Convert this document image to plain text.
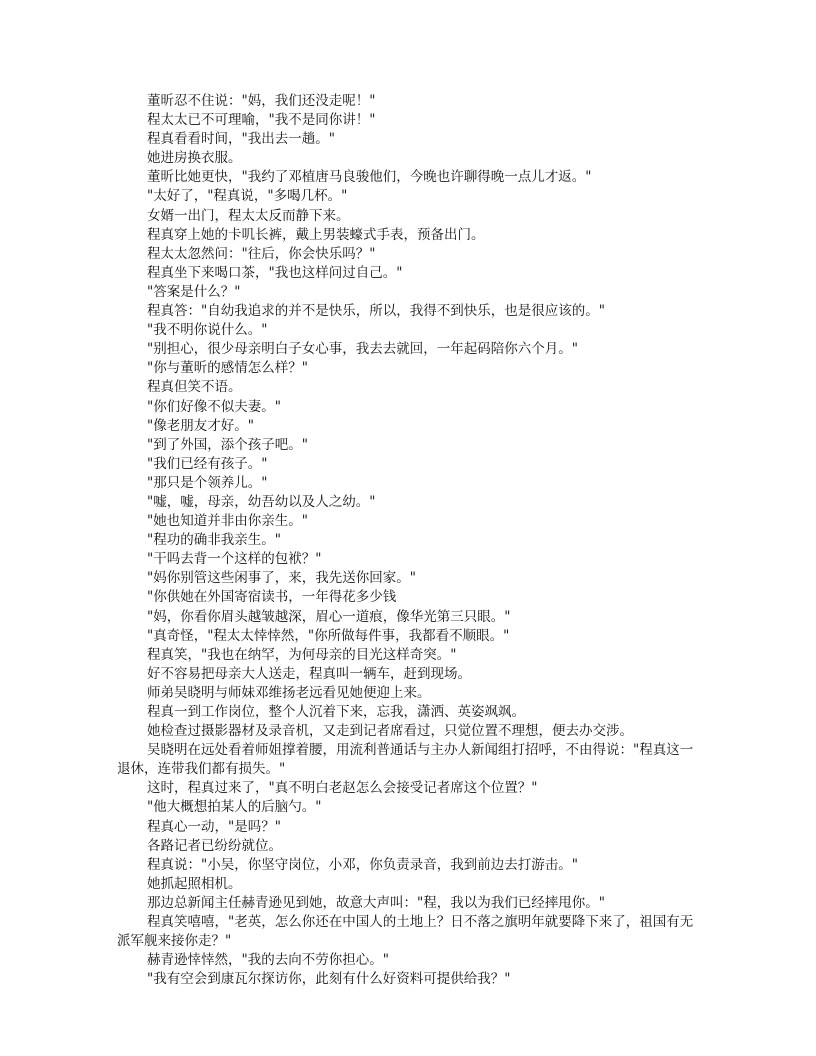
董昕忍不住说："妈，我们还没走呢！"

程太太已不可理喻，"我不是同你讲！"

程真看看时间，"我出去一趟。"

她进房换衣服。

董昕比她更快，"我约了邓植唐马良骏他们，今晚也许聊得晚一点儿才返。"

"太好了，"程真说，"多喝几杯。"

女婿一出门，程太太反而静下来。

程真穿上她的卡叽长裤，戴上男装蠔式手表，预备出门。

程太太忽然问："往后，你会快乐吗？"

程真坐下来喝口茶，"我也这样问过自己。"

"答案是什么？"

程真答："自幼我追求的并不是快乐，所以，我得不到快乐，也是很应该的。"

"我不明你说什么。"

"别担心，很少母亲明白子女心事，我去去就回，一年起码陪你六个月。"

"你与董昕的感情怎么样？"

程真但笑不语。

"你们好像不似夫妻。"

"像老朋友才好。"

"到了外国，添个孩子吧。"

"我们已经有孩子。"

"那只是个领养儿。"

"嘘，嘘，母亲，幼吾幼以及人之幼。"

"她也知道并非由你亲生。"

"程功的确非我亲生。"

"干吗去背一个这样的包袱？"

"妈你别管这些闲事了，来，我先送你回家。"

"你供她在外国寄宿读书，一年得花多少钱

"妈，你看你眉头越皱越深，眉心一道痕，像华光第三只眼。"

"真奇怪，"程太太悻悻然，"你所做每件事，我都看不顺眼。"

程真笑，"我也在纳罕，为何母亲的目光这样奇突。"

好不容易把母亲大人送走，程真叫一辆车，赶到现场。

师弟吴晓明与师妹邓维扬老远看见她便迎上来。

程真一到工作岗位，整个人沉着下来，忘我，潇洒、英姿飒飒。

她检查过摄影器材及录音机，又走到记者席看过，只觉位置不理想，便去办交涉。

吴晓明在远处看着师姐撑着腰，用流利普通话与主办人新闻组打招呼，不由得说："程真这一退休，连带我们都有损失。"

这时，程真过来了，"真不明白老赵怎么会接受记者席这个位置？"

"他大概想拍某人的后脑勺。"

程真心一动，"是吗？"

各路记者已纷纷就位。

程真说："小吴，你坚守岗位，小邓，你负责录音，我到前边去打游击。"

她抓起照相机。

那边总新闻主任赫青逊见到她，故意大声叫："程，我以为我们已经摔甩你。"

程真笑嘻嘻，"老英，怎么你还在中国人的土地上？日不落之旗明年就要降下来了，祖国有无派军舰来接你走？"

赫青逊悻悻然，"我的去向不劳你担心。"

"我有空会到康瓦尔探访你，此刻有什么好资料可提供给我？"
